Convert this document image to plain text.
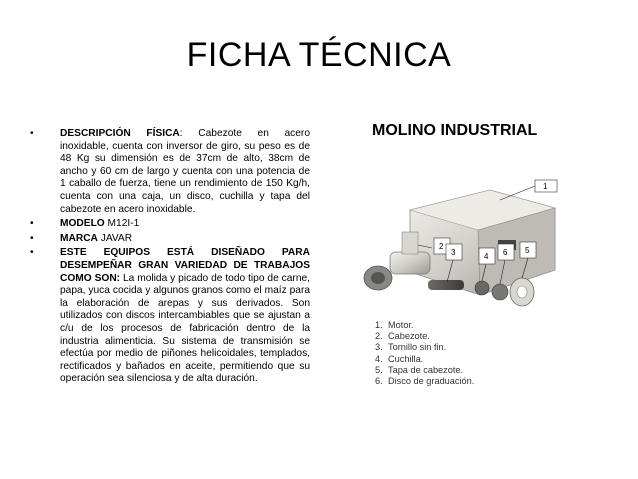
FICHA TÉCNICA
•	DESCRIPCIÓN FÍSICA: Cabezote en acero inoxidable, cuenta con inversor de giro, su peso es de 48 Kg su dimensión es de 37cm de alto, 38cm de ancho y 60 cm de largo y cuenta con una potencia de 1 caballo de fuerza, tiene un rendimiento de 150 Kg/h, cuenta con una caja, un disco, cuchilla y tapa del cabezote en acero inoxidable.
•	MODELO M12I-1
•	MARCA JAVAR
•	ESTE EQUIPOS ESTÁ DISEÑADO PARA DESEMPEÑAR GRAN VARIEDAD DE TRABAJOS COMO SON: La molida y picado de todo tipo de carne, papa, yuca cocida y algunos granos como el maíz para la elaboración de arepas y sus derivados. Son utilizados con discos intercambiables que se ajustan a c/u de los procesos de fabricación dentro de la industria alimenticia. Su sistema de transmisión se efectúa por medio de piñones helicoidales, templados, rectificados y bañados en aceite, permitiendo que su operación sea silenciosa y de alta duración.
MOLINO INDUSTRIAL
1
2
3	4 6 5
1. Motor.
2. Cabezote.
3. Tornillo sin fin.
4. Cuchilla.
5. Tapa de cabezote.
6. Disco de graduación.
